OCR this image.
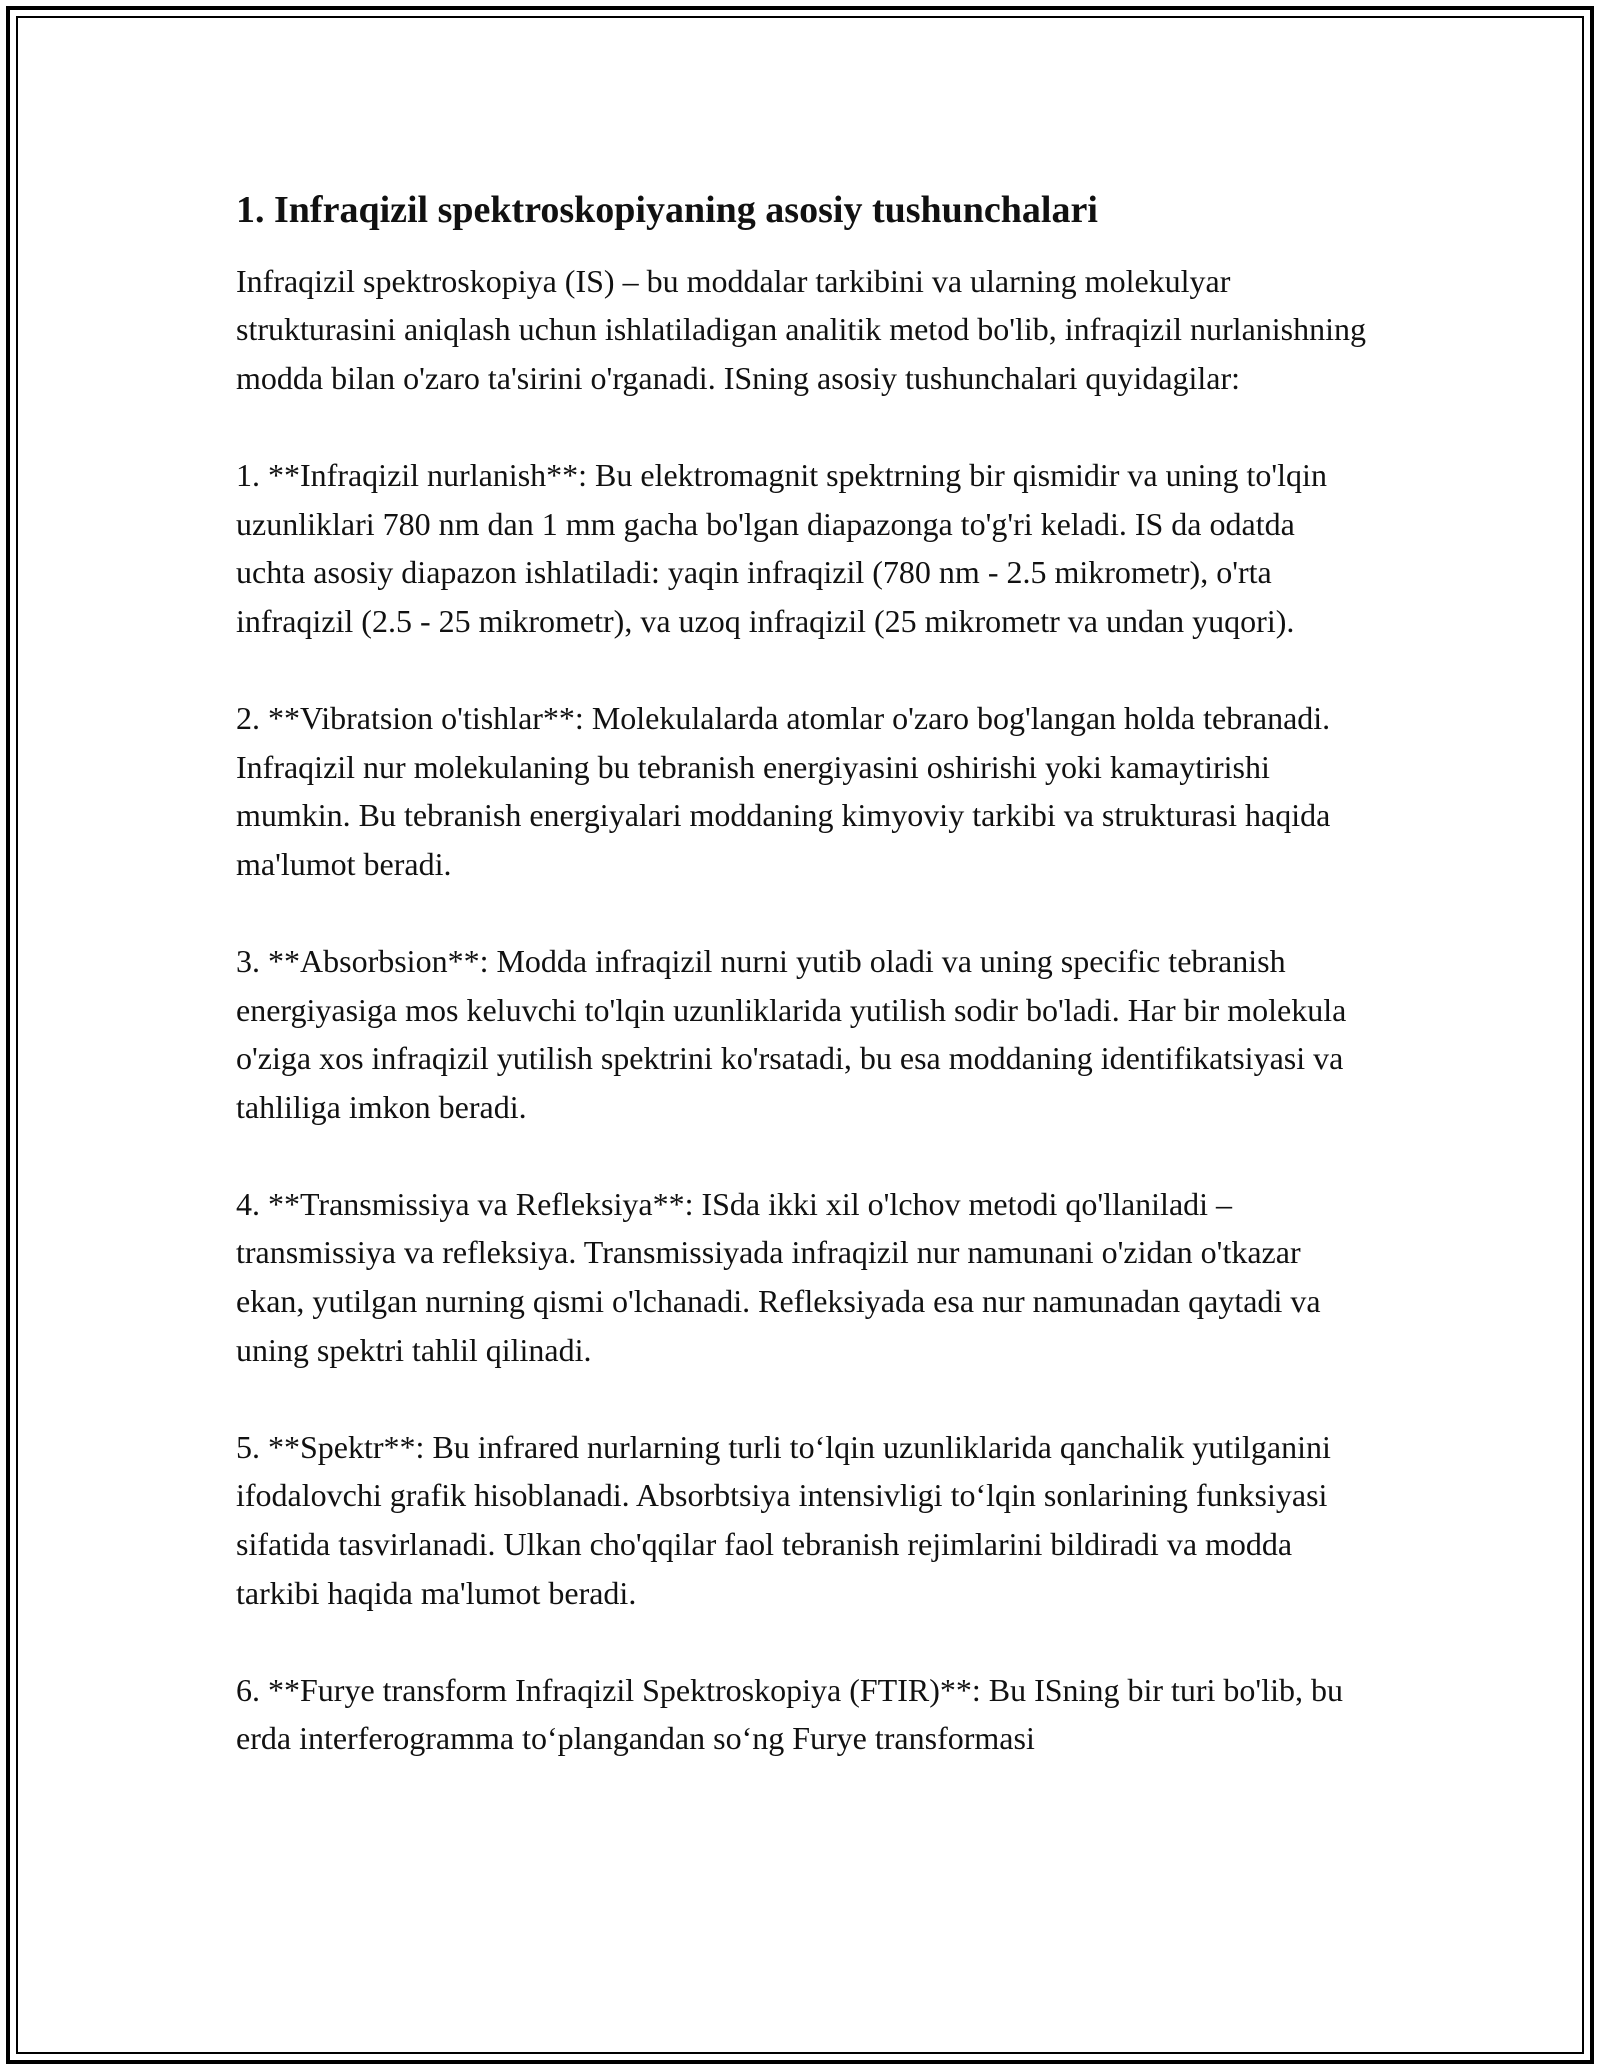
1. Infraqizil spektroskopiyaning asosiy tushunchalari

Infraqizil spektroskopiya (IS) – bu moddalar tarkibini va ularning molekulyar strukturasini aniqlash uchun ishlatiladigan analitik metod bo'lib, infraqizil nurlanishning modda bilan o'zaro ta'sirini o'rganadi. ISning asosiy tushunchalari quyidagilar:

1. **Infraqizil nurlanish**: Bu elektromagnit spektrning bir qismidir va uning to'lqin uzunliklari 780 nm dan 1 mm gacha bo'lgan diapazonga to'g'ri keladi. IS da odatda uchta asosiy diapazon ishlatiladi: yaqin infraqizil (780 nm - 2.5 mikrometr), o'rta infraqizil (2.5 - 25 mikrometr), va uzoq infraqizil (25 mikrometr va undan yuqori).

2. **Vibratsion o'tishlar**: Molekulalarda atomlar o'zaro bog'langan holda tebranadi. Infraqizil nur molekulaning bu tebranish energiyasini oshirishi yoki kamaytirishi mumkin. Bu tebranish energiyalari moddaning kimyoviy tarkibi va strukturasi haqida ma'lumot beradi.

3. **Absorbsion**: Modda infraqizil nurni yutib oladi va uning specific tebranish energiyasiga mos keluvchi to'lqin uzunliklarida yutilish sodir bo'ladi. Har bir molekula o'ziga xos infraqizil yutilish spektrini ko'rsatadi, bu esa moddaning identifikatsiyasi va tahliliga imkon beradi.

4. **Transmissiya va Refleksiya**: ISda ikki xil o'lchov metodi qo'llaniladi – transmissiya va refleksiya. Transmissiyada infraqizil nur namunani o'zidan o'tkazar ekan, yutilgan nurning qismi o'lchanadi. Refleksiyada esa nur namunadan qaytadi va uning spektri tahlil qilinadi.

5. **Spektr**: Bu infrared nurlarning turli to‘lqin uzunliklarida qanchalik yutilganini ifodalovchi grafik hisoblanadi. Absorbtsiya intensivligi to‘lqin sonlarining funksiyasi sifatida tasvirlanadi. Ulkan cho'qqilar faol tebranish rejimlarini bildiradi va modda tarkibi haqida ma'lumot beradi.

6. **Furye transform Infraqizil Spektroskopiya (FTIR)**: Bu ISning bir turi bo'lib, bu erda interferogramma to‘plangandan so‘ng Furye transformasi
